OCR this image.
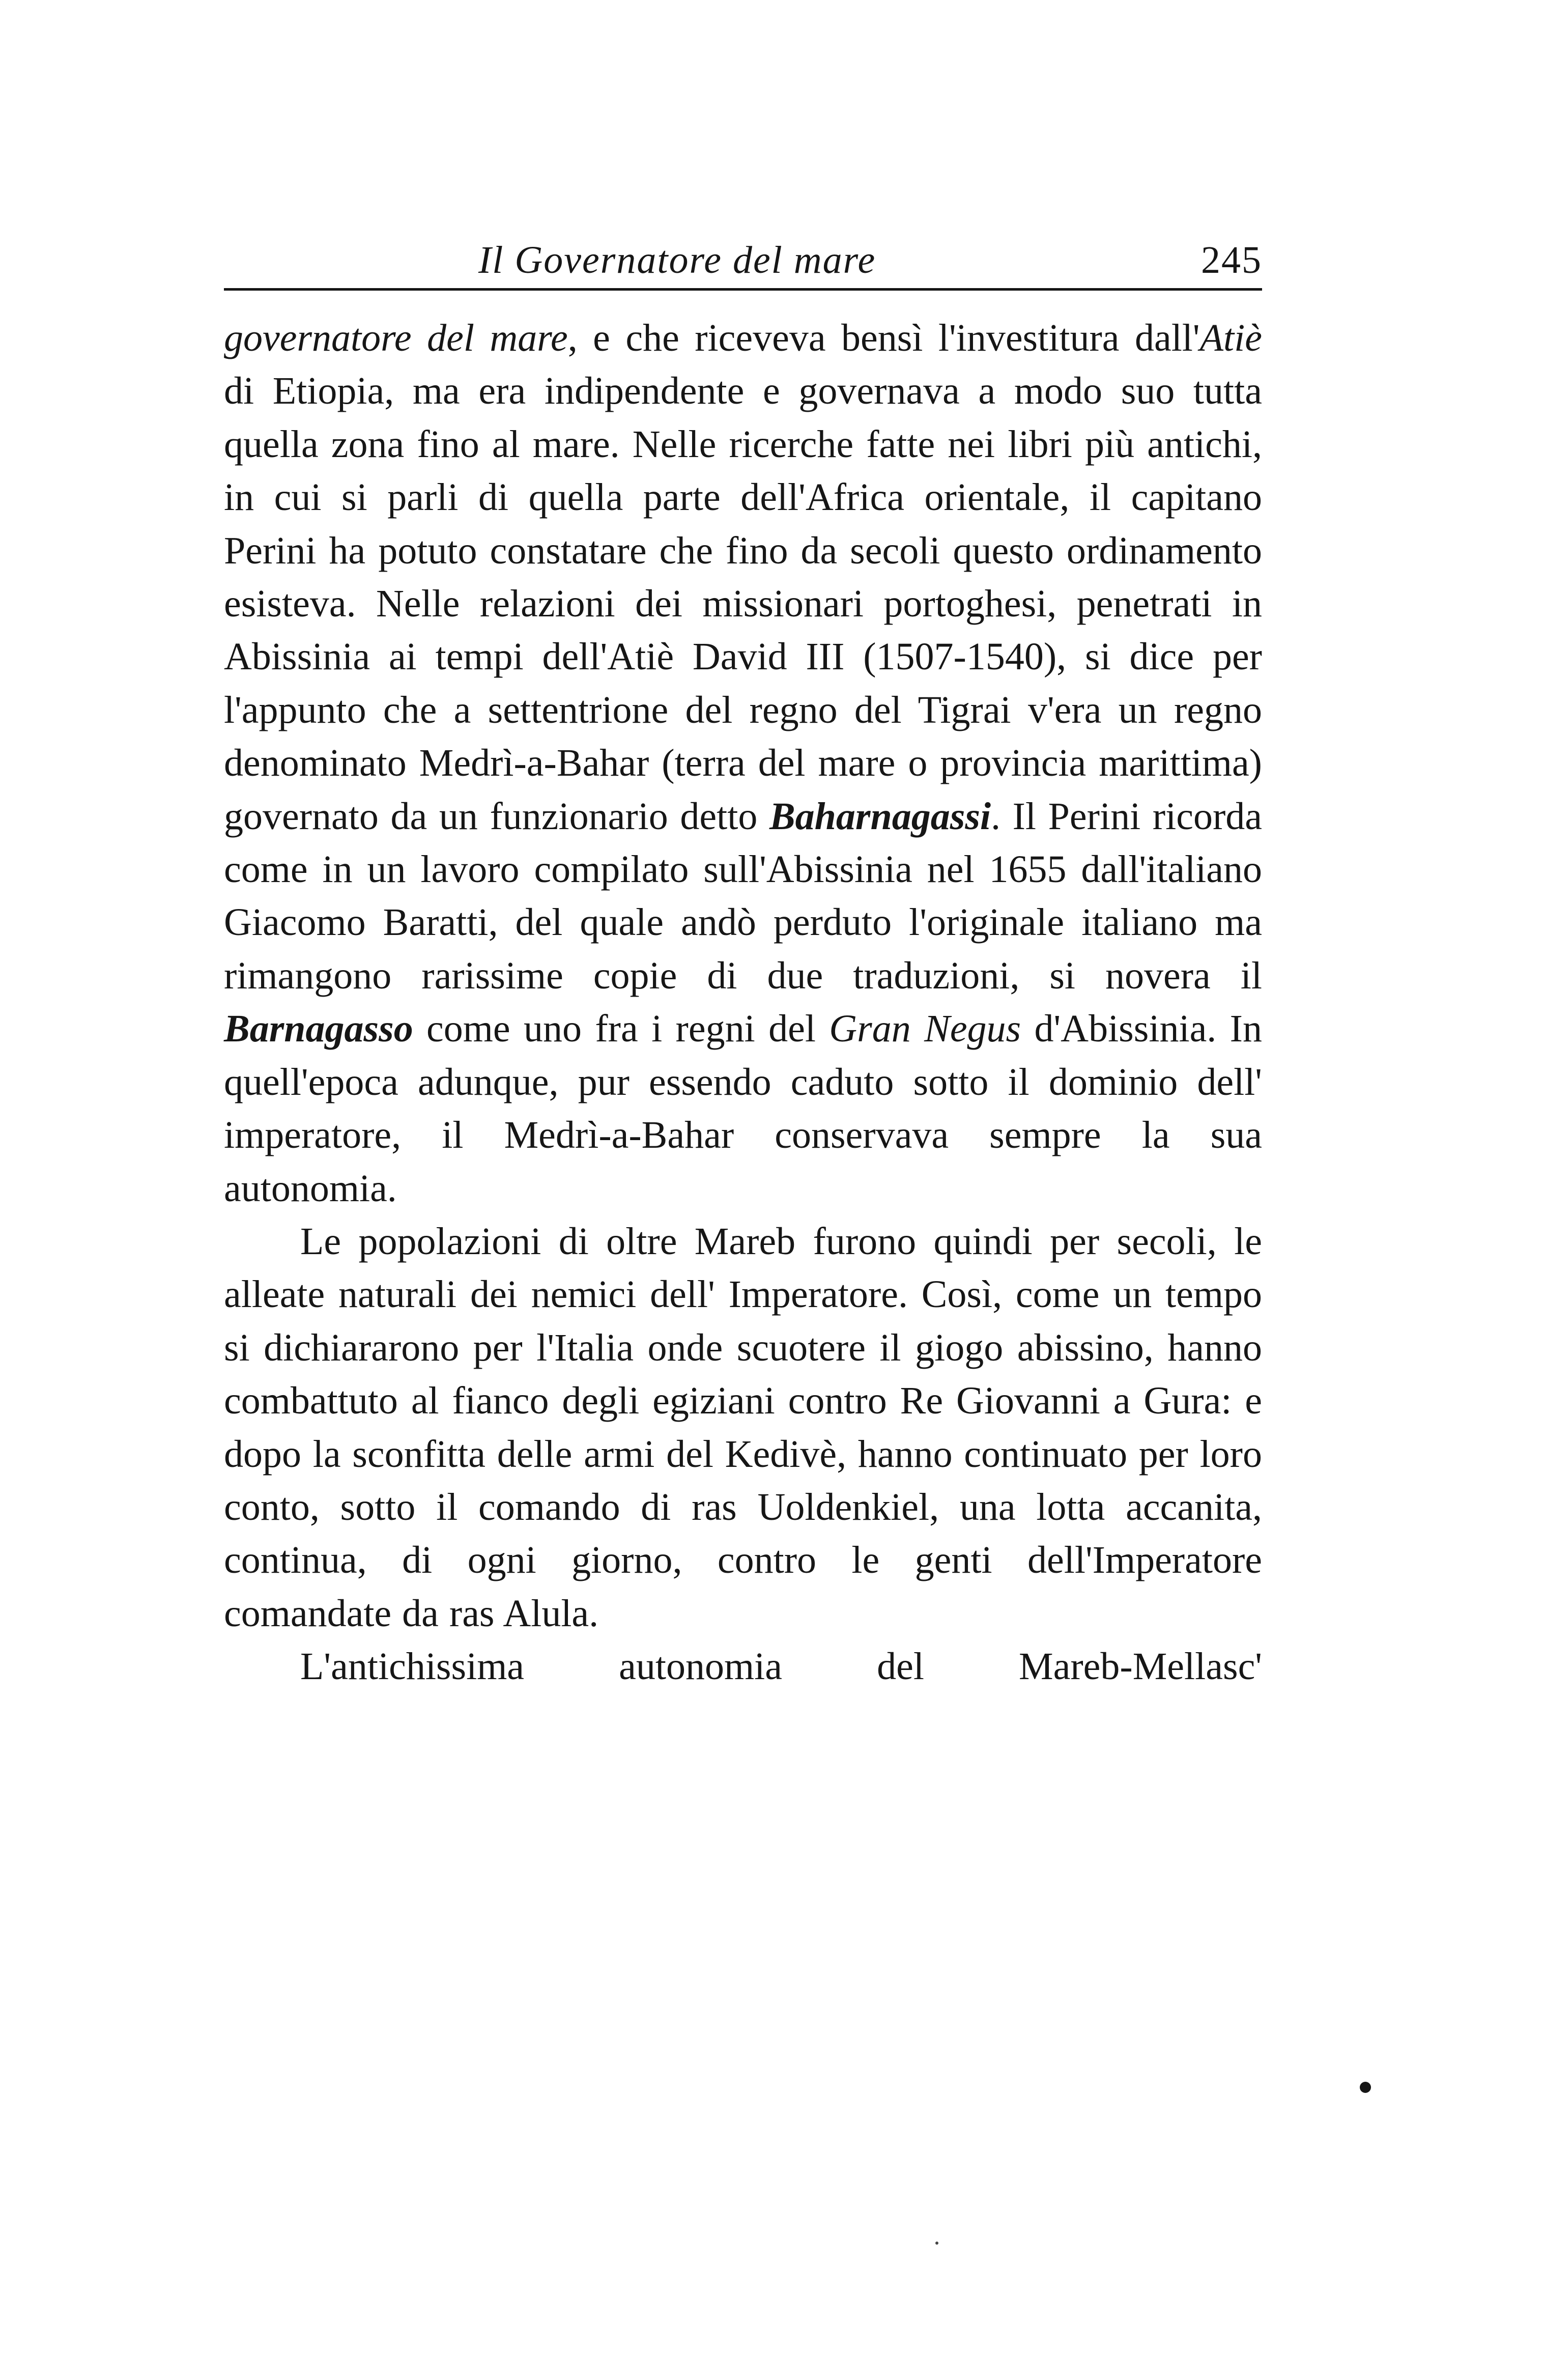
Il Governatore del mare	245

governatore del mare, e che riceveva bensì l'investitura dall'Atiè di Etiopia, ma era indipendente e governava a modo suo tutta quella zona fino al mare. Nelle ricerche fatte nei libri più antichi, in cui si parli di quella parte dell'Africa orientale, il capitano Perini ha potuto constatare che fino da secoli questo ordinamento esisteva. Nelle relazioni dei missionari portoghesi, penetrati in Abissinia ai tempi dell'Atiè David III (1507-1540), si dice per l'appunto che a settentrione del regno del Tigrai v'era un regno denominato Medrì-a-Bahar (terra del mare o provincia marittima) governato da un funzionario detto Baharnagassi. Il Perini ricorda come in un lavoro compilato sull'Abissinia nel 1655 dall'italiano Giacomo Baratti, del quale andò perduto l'originale italiano ma rimangono rarissime copie di due traduzioni, si novera il Barnagasso come uno fra i regni del Gran Negus d'Abissinia. In quell'epoca adunque, pur essendo caduto sotto il dominio dell' imperatore, il Medrì-a-Bahar conservava sempre la sua autonomia.

Le popolazioni di oltre Mareb furono quindi per secoli, le alleate naturali dei nemici dell' Imperatore. Così, come un tempo si dichiararono per l'Italia onde scuotere il giogo abissino, hanno combattuto al fianco degli egiziani contro Re Giovanni a Gura: e dopo la sconfitta delle armi del Kedivè, hanno continuato per loro conto, sotto il comando di ras Uoldenkiel, una lotta accanita, continua, di ogni giorno, contro le genti dell'Imperatore comandate da ras Alula.

L'antichissima autonomia del Mareb-Mellasc'
